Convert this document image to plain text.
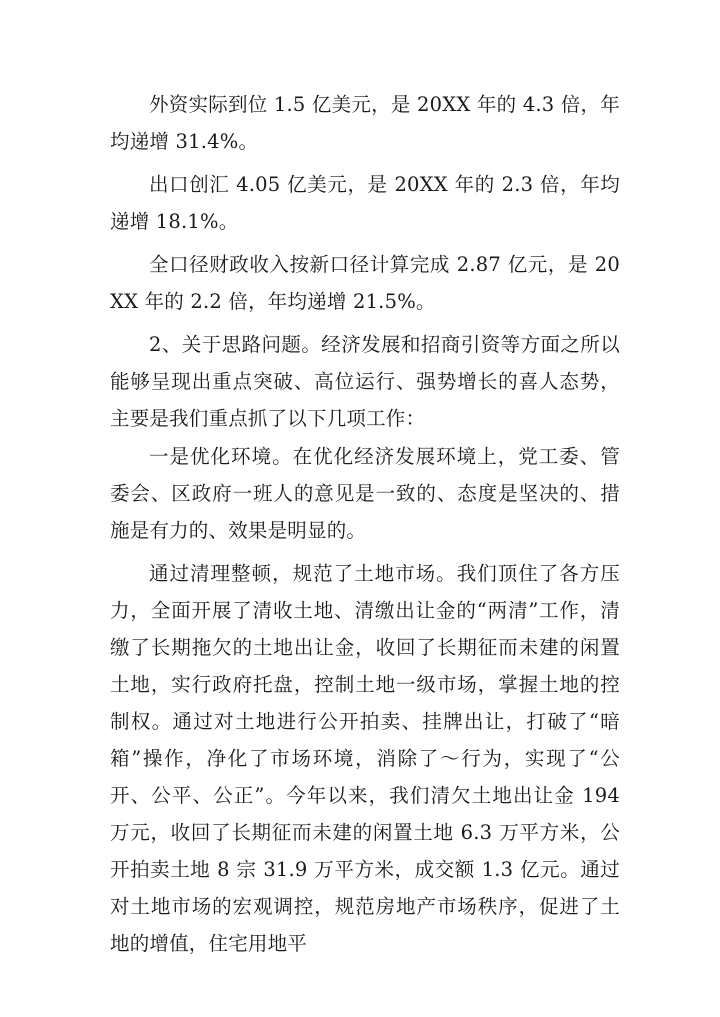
外资实际到位 1.5 亿美元，是 20XX 年的 4.3 倍，年均递增 31.4%。

出口创汇 4.05 亿美元，是 20XX 年的 2.3 倍，年均递增 18.1%。

全口径财政收入按新口径计算完成 2.87 亿元，是 20XX 年的 2.2 倍，年均递增 21.5%。

2、关于思路问题。经济发展和招商引资等方面之所以能够呈现出重点突破、高位运行、强势增长的喜人态势，主要是我们重点抓了以下几项工作：

一是优化环境。在优化经济发展环境上，党工委、管委会、区政府一班人的意见是一致的、态度是坚决的、措施是有力的、效果是明显的。

通过清理整顿，规范了土地市场。我们顶住了各方压力，全面开展了清收土地、清缴出让金的“两清”工作，清缴了长期拖欠的土地出让金，收回了长期征而未建的闲置土地，实行政府托盘，控制土地一级市场，掌握土地的控制权。通过对土地进行公开拍卖、挂牌出让，打破了“暗箱”操作，净化了市场环境，消除了～行为，实现了“公开、公平、公正”。今年以来，我们清欠土地出让金 194 万元，收回了长期征而未建的闲置土地 6.3 万平方米，公开拍卖土地 8 宗 31.9 万平方米，成交额 1.3 亿元。通过对土地市场的宏观调控，规范房地产市场秩序，促进了土地的增值，住宅用地平
